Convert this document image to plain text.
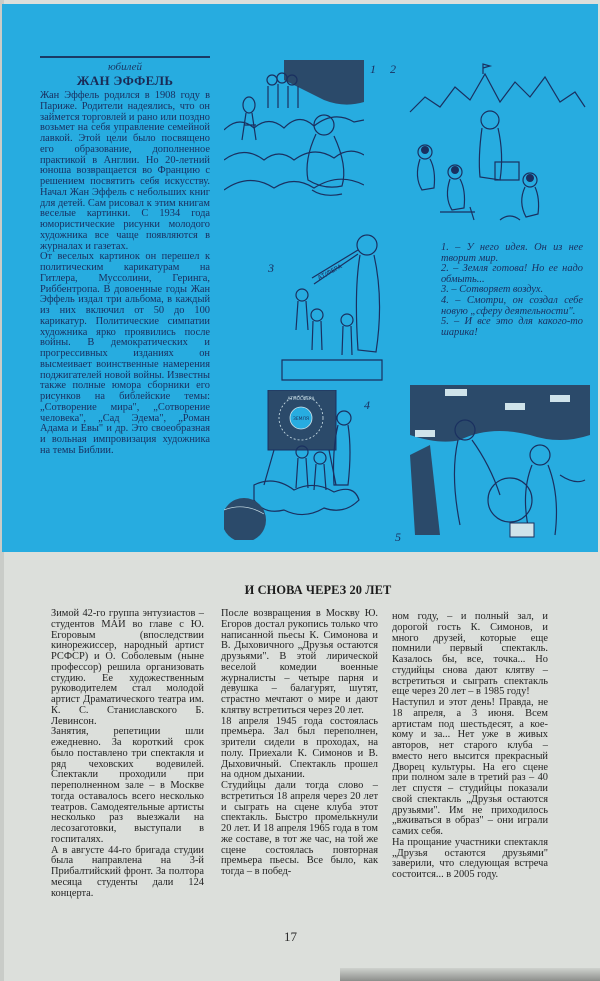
юбилей
ЖАН ЭФФЕЛЬ

Жан Эффель родился в 1908 году в Париже. Родители надеялись, что он займется торговлей и рано или поздно возьмет на себя управление семейной лавкой. Этой цели было посвящено его образование, дополненное практикой в Англии. Но 20-летний юноша возвращается во Францию с решением посвятить себя искусству. Начал Жан Эффель с небольших книг для детей. Сам рисовал к этим книгам веселые картинки. С 1934 года юмористические рисунки молодого художника все чаще появляются в журналах и газетах.

От веселых картинок он перешел к политическим карикатурам на Гитлера, Муссолини, Геринга, Риббентропа. В довоенные годы Жан Эффель издал три альбома, в каждый из них включил от 50 до 100 карикатур. Политические симпатии художника ярко проявились после войны. В демократических и прогрессивных изданиях он высмеивает воинственные намерения поджигателей новой войны. Известны также полные юмора сборники его рисунков на библейские темы: „Сотворение мира", „Сотворение человека", „Сад Эдема", „Роман Адама и Евы" и др. Это своеобразная и вольная импровизация художника на темы Библии.

1 2
АТ/ФЕРА
3
1. – У него идея. Он из нее творит мир.
2. – Земля готова! Но ее надо обмыть...
3. – Сотворяет воздух.
4. – Смотри, он создал себе новую „сферу деятельности".
5. – И все это для какого-то шарика!
ЗЕМЛЯ
АТМОСФЕРА	4
5
И СНОВА ЧЕРЕЗ 20 ЛЕТ

Зимой 42-го группа энтузиастов – студентов МАИ во главе с Ю. Егоровым (впоследствии кинорежиссер, народный артист РСФСР) и О. Соболевым (ныне профессор) решила организовать студию. Ее художественным руководителем стал молодой артист Драматического театра им. К. С. Станиславского Б. Левинсон.

Занятия, репетиции шли ежедневно. За короткий срок было поставлено три спектакля и ряд чеховских водевилей. Спектакли проходили при переполненном зале – в Москве тогда оставалось всего несколько театров. Самодеятельные артисты несколько раз выезжали на лесозаготовки, выступали в госпиталях.

А в августе 44-го бригада студии была направлена на 3-й Прибалтийский фронт. За полтора месяца студенты дали 124 концерта.

После возвращения в Москву Ю. Егоров достал рукопись только что написанной пьесы К. Симонова и В. Дыховичного „Друзья остаются друзьями". В этой лирической веселой комедии военные журналисты – четыре парня и девушка – балагурят, шутят, страстно мечтают о мире и дают клятву встретиться через 20 лет.

18 апреля 1945 года состоялась премьера. Зал был переполнен, зрители сидели в проходах, на полу. Приехали К. Симонов и В. Дыховичный. Спектакль прошел на одном дыхании.

Студийцы дали тогда слово – встретиться 18 апреля через 20 лет и сыграть на сцене клуба этот спектакль. Быстро промелькнули 20 лет. И 18 апреля 1965 года в том же составе, в тот же час, на той же сцене состоялась повторная премьера пьесы. Все было, как тогда – в побед-

ном году, – и полный зал, и дорогой гость К. Симонов, и много друзей, которые еще помнили первый спектакль. Казалось бы, все, точка... Но студийцы снова дают клятву – встретиться и сыграть спектакль еще через 20 лет – в 1985 году!

Наступил и этот день! Правда, не 18 апреля, а 3 июня. Всем артистам под шестьдесят, а кое-кому и за... Нет уже в живых авторов, нет старого клуба – вместо него высится прекрасный Дворец культуры. На его сцене при полном зале в третий раз – 40 лет спустя – студийцы показали свой спектакль „Друзья остаются друзьями". Им не приходилось „вживаться в образ" – они играли самих себя.

На прощание участники спектакля „Друзья остаются друзьями" заверили, что следующая встреча состоится... в 2005 году.

17
